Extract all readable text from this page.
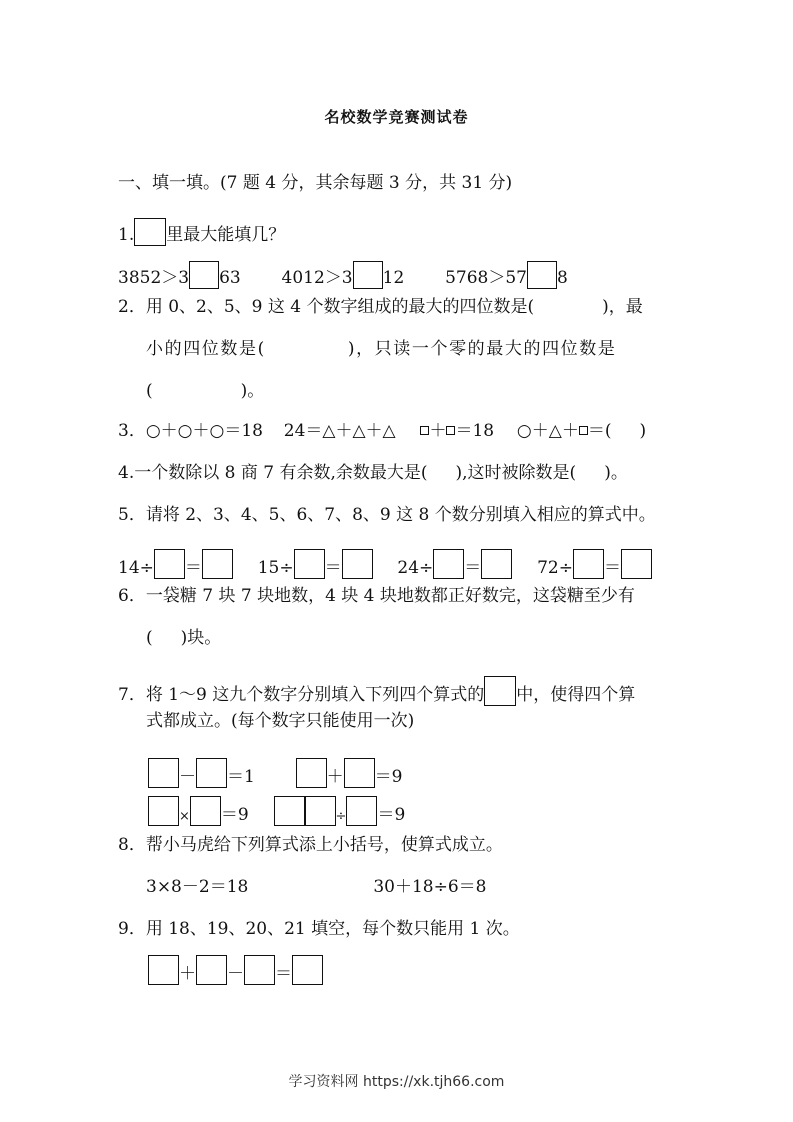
名校数学竞赛测试卷
一、填一填。(7 题 4 分，其余每题 3 分，共 31 分)
1. 里最大能填几？
3852＞3 63 4012＞3 12 5768＞57 8
2．用 0、2、5、9 这 4 个数字组成的最大的四位数是(	)，最
小的四位数是(	)，只读一个零的最大的四位数是
(	)。
3．○＋○＋○＝18 24＝△＋△＋△ ＋ ＝18 ○＋△＋ ＝( )
4.一个数除以 8 商 7 有余数,余数最大是( ),这时被除数是( )。
5．请将 2、3、4、5、6、7、8、9 这 8 个数分别填入相应的算式中。
14÷ ＝	15÷ ＝	24÷ ＝	72÷ ＝
6．一袋糖 7 块 7 块地数，4 块 4 块地数都正好数完，这袋糖至少有
( )块。
7．将 1～9 这九个数字分别填入下列四个算式的 中，使得四个算
式都成立。(每个数字只能使用一次)
－ ＝1	＋ ＝9
× ＝9	÷ ＝9
8．帮小马虎给下列算式添上小括号，使算式成立。
3×8－2＝18	30＋18÷6＝8
9．用 18、19、20、21 填空，每个数只能用 1 次。
＋ － ＝
学习资料网 https://xk.tjh66.com
